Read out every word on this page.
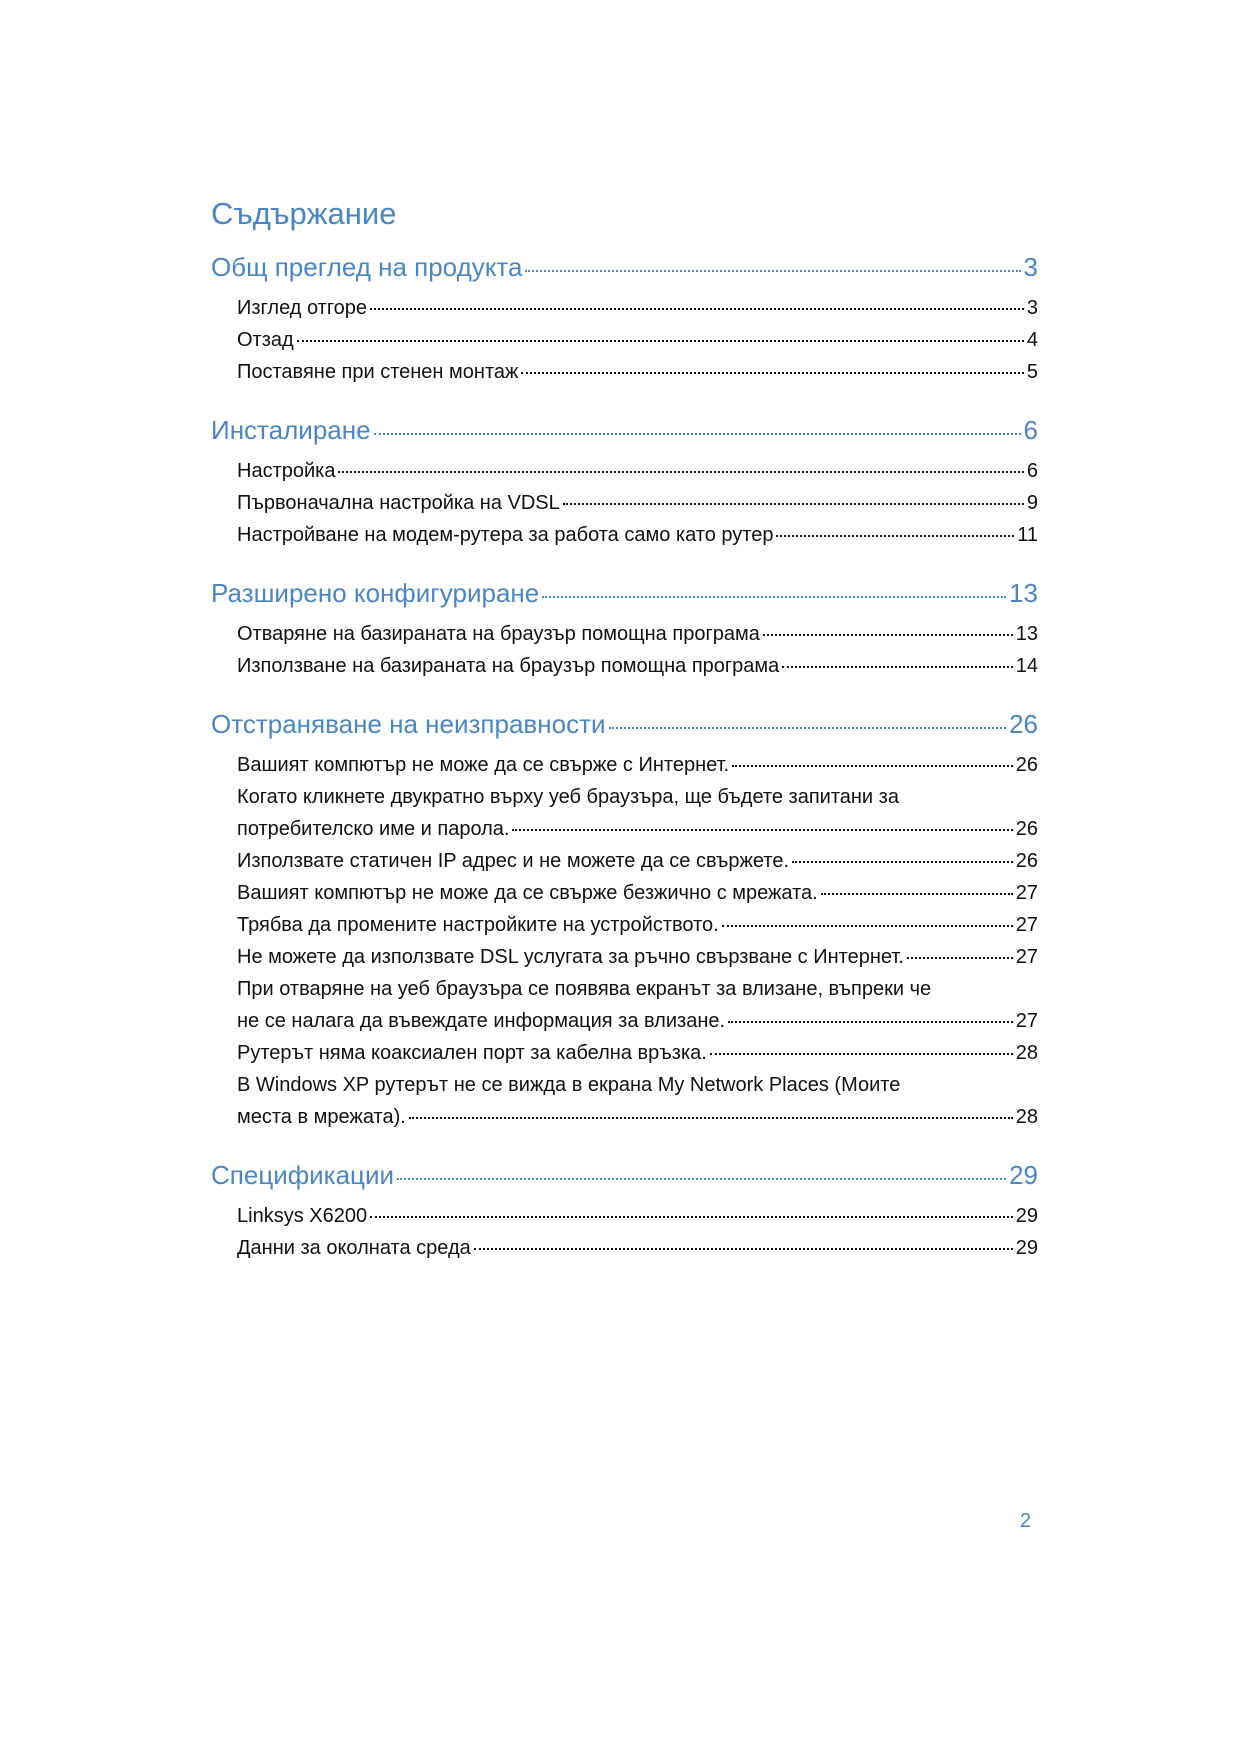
Съдържание
Общ преглед на продукта	3
Изглед отгоре	3
Отзад	4
Поставяне при стенен монтаж	5
Инсталиране	6
Настройка	6
Първоначална настройка на VDSL	9
Настройване на модем-рутера за работа само като рутер	11
Разширено конфигуриране	13
Отваряне на базираната на браузър помощна програма	13
Използване на базираната на браузър помощна програма	14
Отстраняване на неизправности	26
Вашият компютър не може да се свърже с Интернет.	26
Когато кликнете двукратно върху уеб браузъра, ще бъдете запитани за
потребителско име и парола.	26
Използвате статичен IP адрес и не можете да се свържете.	26
Вашият компютър не може да се свърже безжично с мрежата.	27
Трябва да промените настройките на устройството.	27
Не можете да използвате DSL услугата за ръчно свързване с Интернет.	27
При отваряне на уеб браузъра се появява екранът за влизане, въпреки че
не се налага да въвеждате информация за влизане.	27
Рутерът няма коаксиален порт за кабелна връзка.	28
В Windows XP рутерът не се вижда в екрана My Network Places (Моите
места в мрежата).	28
Спецификации	29
Linksys X6200	29
Данни за околната среда	29
2
